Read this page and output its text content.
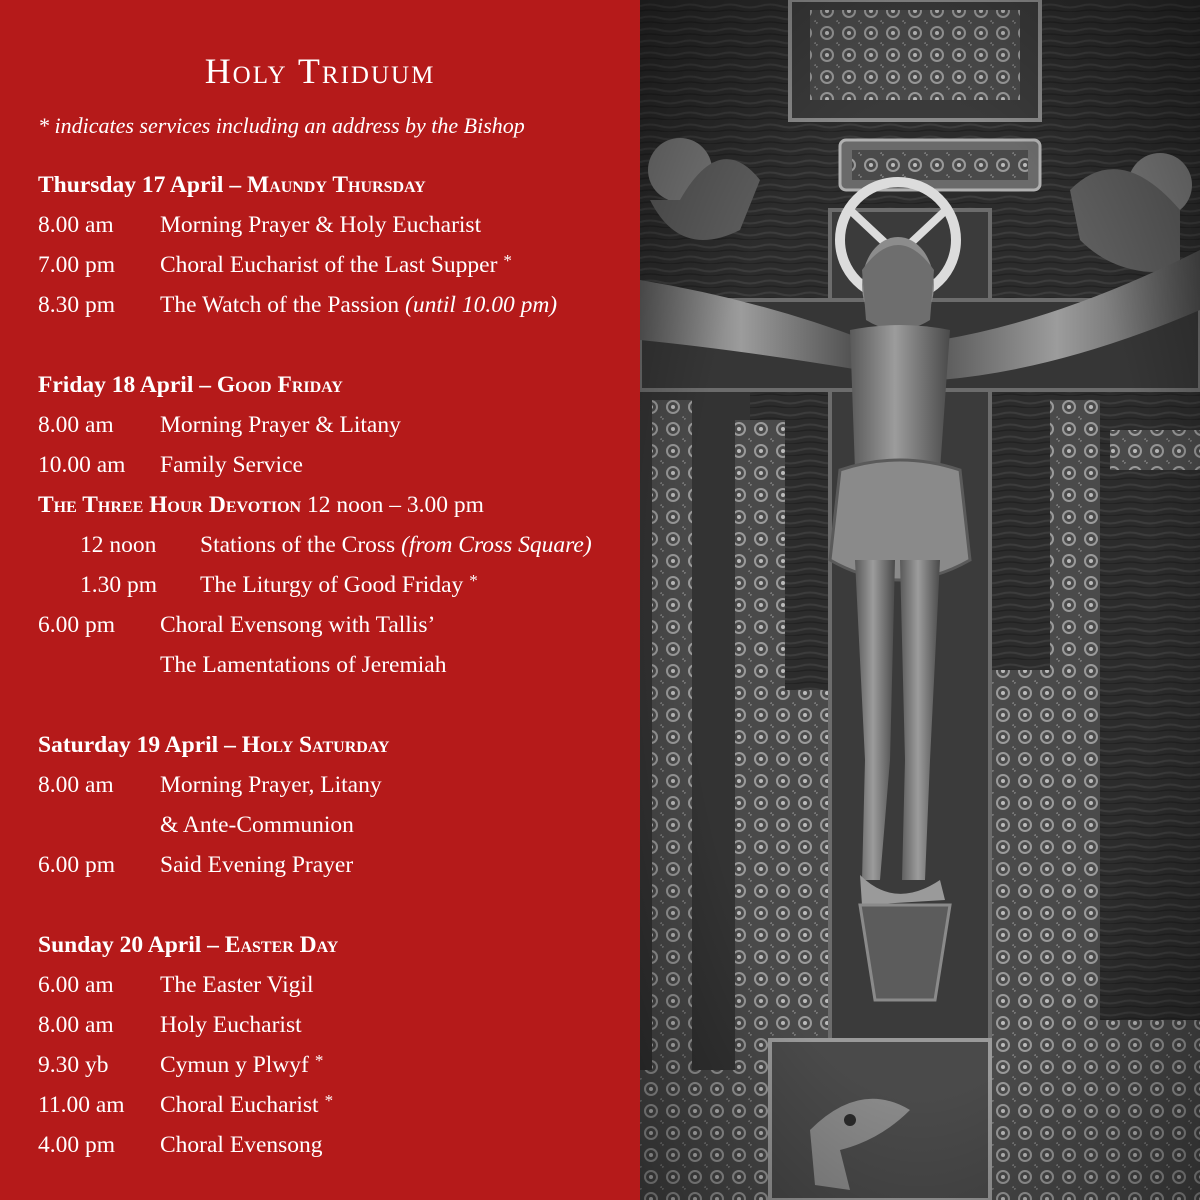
Holy Triduum
* indicates services including an address by the Bishop
Thursday 17 April – Maundy Thursday
8.00 am Morning Prayer & Holy Eucharist
7.00 pm Choral Eucharist of the Last Supper *
8.30 pm The Watch of the Passion (until 10.00 pm)
Friday 18 April – Good Friday
8.00 am Morning Prayer & Litany
10.00 am Family Service
The Three Hour Devotion 12 noon – 3.00 pm
12 noon Stations of the Cross (from Cross Square)
1.30 pm The Liturgy of Good Friday *
6.00 pm Choral Evensong with Tallis’
The Lamentations of Jeremiah
Saturday 19 April – Holy Saturday
8.00 am Morning Prayer, Litany
& Ante-Communion
6.00 pm Said Evening Prayer
Sunday 20 April – Easter Day
6.00 am The Easter Vigil
8.00 am Holy Eucharist
9.30 yb Cymun y Plwyf *
11.00 am Choral Eucharist *
4.00 pm Choral Evensong
